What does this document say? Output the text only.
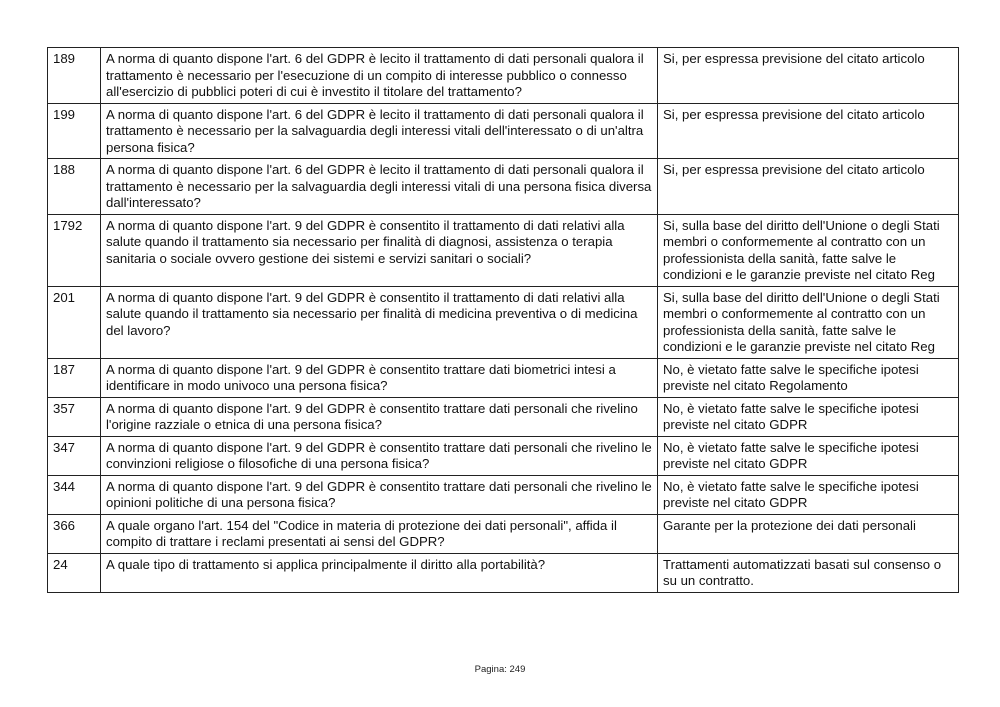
189	A norma di quanto dispone l'art. 6 del GDPR è lecito il trattamento di dati personali qualora il trattamento è necessario per l'esecuzione di un compito di interesse pubblico o connesso all'esercizio di pubblici poteri di cui è investito il titolare del trattamento?	Si, per espressa previsione del citato articolo
199	A norma di quanto dispone l'art. 6 del GDPR è lecito il trattamento di dati personali qualora il trattamento è necessario per la salvaguardia degli interessi vitali dell'interessato o di un'altra persona fisica?	Si, per espressa previsione del citato articolo
188	A norma di quanto dispone l'art. 6 del GDPR è lecito il trattamento di dati personali qualora il trattamento è necessario per la salvaguardia degli interessi vitali di una persona fisica diversa dall'interessato?	Si, per espressa previsione del citato articolo
1792	A norma di quanto dispone l'art. 9 del GDPR è consentito il trattamento di dati relativi alla salute quando il trattamento sia necessario per finalità di diagnosi, assistenza o terapia sanitaria o sociale ovvero gestione dei sistemi e servizi sanitari o sociali?	Si, sulla base del diritto dell'Unione o degli Stati membri o conformemente al contratto con un professionista della sanità, fatte salve le condizioni e le garanzie previste nel citato Reg
201	A norma di quanto dispone l'art. 9 del GDPR è consentito il trattamento di dati relativi alla salute quando il trattamento sia necessario per finalità di medicina preventiva o di medicina del lavoro?	Si, sulla base del diritto dell'Unione o degli Stati membri o conformemente al contratto con un professionista della sanità, fatte salve le condizioni e le garanzie previste nel citato Reg
187	A norma di quanto dispone l'art. 9 del GDPR è consentito trattare dati biometrici intesi a identificare in modo univoco una persona fisica?	No, è vietato fatte salve le specifiche ipotesi previste nel citato Regolamento
357	A norma di quanto dispone l'art. 9 del GDPR è consentito trattare dati personali che rivelino l'origine razziale o etnica di una persona fisica?	No, è vietato fatte salve le specifiche ipotesi previste nel citato GDPR
347	A norma di quanto dispone l'art. 9 del GDPR è consentito trattare dati personali che rivelino le convinzioni religiose o filosofiche di una persona fisica?	No, è vietato fatte salve le specifiche ipotesi previste nel citato GDPR
344	A norma di quanto dispone l'art. 9 del GDPR è consentito trattare dati personali che rivelino le opinioni politiche di una persona fisica?	No, è vietato fatte salve le specifiche ipotesi previste nel citato GDPR
366	A quale organo l'art. 154 del "Codice in materia di protezione dei dati personali", affida il compito di trattare i reclami presentati ai sensi del GDPR?	Garante per la protezione dei dati personali
24	A quale tipo di trattamento si applica principalmente il diritto alla portabilità?	Trattamenti automatizzati basati sul consenso o su un contratto.
Pagina: 249
